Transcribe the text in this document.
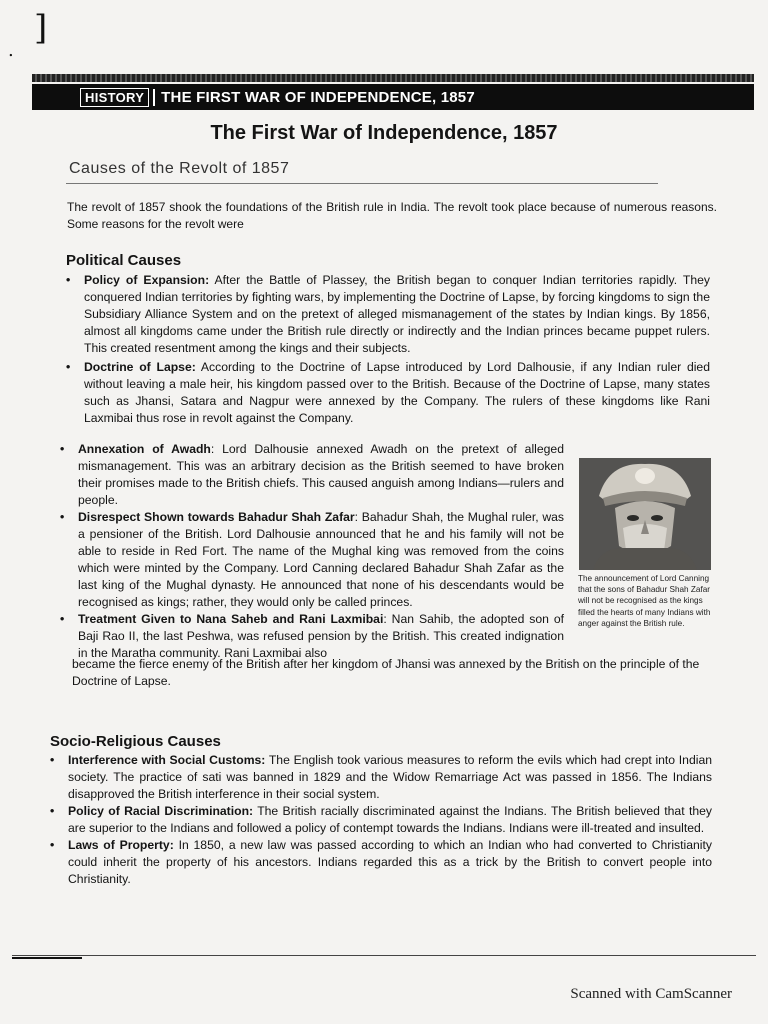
.
]
HISTORY	THE FIRST WAR OF INDEPENDENCE, 1857
The First War of Independence, 1857
Causes of the Revolt of 1857
The revolt of 1857 shook the foundations of the British rule in India. The revolt took place because of numerous reasons. Some reasons for the revolt were
Political Causes
• Policy of Expansion: After the Battle of Plassey, the British began to conquer Indian territories rapidly. They conquered Indian territories by fighting wars, by implementing the Doctrine of Lapse, by forcing kingdoms to sign the Subsidiary Alliance System and on the pretext of alleged mismanagement of the states by Indian kings. By 1856, almost all kingdoms came under the British rule directly or indirectly and the Indian princes became puppet rulers. This created resentment among the kings and their subjects.
• Doctrine of Lapse: According to the Doctrine of Lapse introduced by Lord Dalhousie, if any Indian ruler died without leaving a male heir, his kingdom passed over to the British. Because of the Doctrine of Lapse, many states such as Jhansi, Satara and Nagpur were annexed by the Company. The rulers of these kingdoms like Rani Laxmibai thus rose in revolt against the Company.
• Annexation of Awadh: Lord Dalhousie annexed Awadh on the pretext of alleged mismanagement. This was an arbitrary decision as the British seemed to have broken their promises made to the British chiefs. This caused anguish among Indians—rulers and people.
• Disrespect Shown towards Bahadur Shah Zafar: Bahadur Shah, the Mughal ruler, was a pensioner of the British. Lord Dalhousie announced that he and his family will not be able to reside in Red Fort. The name of the Mughal king was removed from the coins which were minted by the Company. Lord Canning declared Bahadur Shah Zafar as the last king of the Mughal dynasty. He announced that none of his descendants would be recognised as kings; rather, they would only be called princes.
• Treatment Given to Nana Saheb and Rani Laxmibai: Nan Sahib, the adopted son of Baji Rao II, the last Peshwa, was refused pension by the British. This created indignation in the Maratha community. Rani Laxmibai also
became the fierce enemy of the British after her kingdom of Jhansi was annexed by the British on the principle of the Doctrine of Lapse.
The announcement of Lord Canning that the sons of Bahadur Shah Zafar will not be recognised as the kings filled the hearts of many Indians with anger against the British rule.
Socio-Religious Causes
• Interference with Social Customs: The English took various measures to reform the evils which had crept into Indian society. The practice of sati was banned in 1829 and the Widow Remarriage Act was passed in 1856. The Indians disapproved the British interference in their social system.
• Policy of Racial Discrimination: The British racially discriminated against the Indians. The British believed that they are superior to the Indians and followed a policy of contempt towards the Indians. Indians were ill-treated and insulted.
• Laws of Property: In 1850, a new law was passed according to which an Indian who had converted to Christianity could inherit the property of his ancestors. Indians regarded this as a trick by the British to convert people into Christianity.
Scanned with CamScanner
